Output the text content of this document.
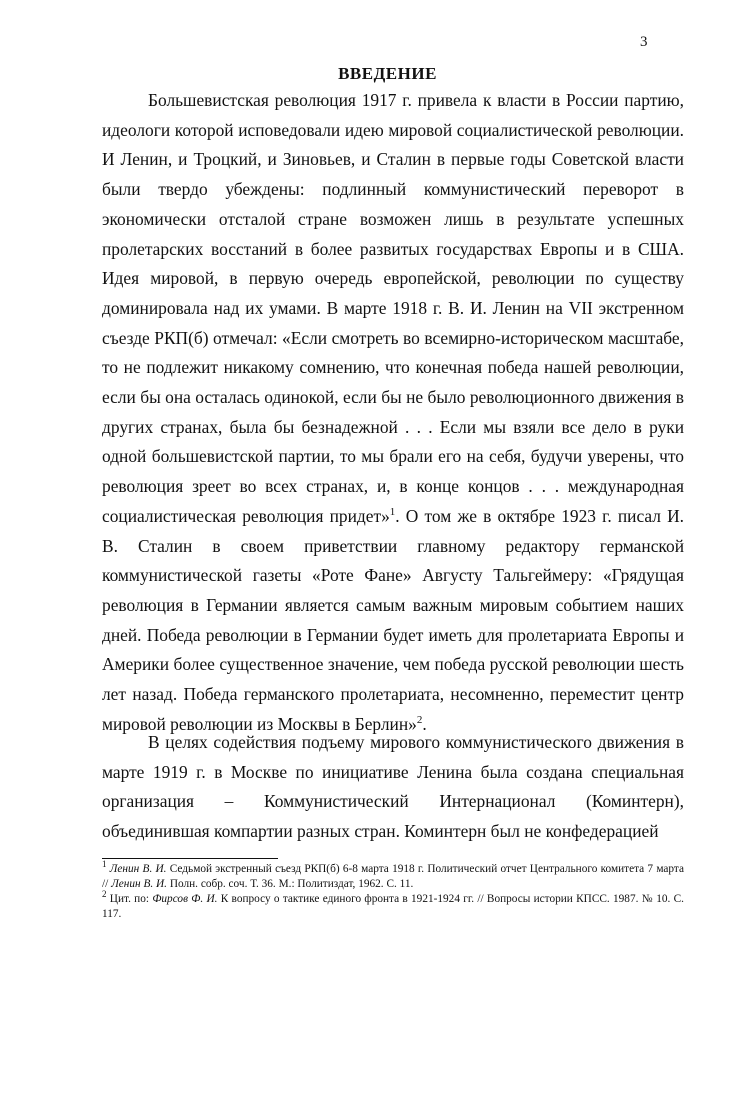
3

ВВЕДЕНИЕ

Большевистская революция 1917 г. привела к власти в России партию, идеологи которой исповедовали идею мировой социалистической революции. И Ленин, и Троцкий, и Зиновьев, и Сталин в первые годы Советской власти были твердо убеждены: подлинный коммунистический переворот в экономически отсталой стране возможен лишь в результате успешных пролетарских восстаний в более развитых государствах Европы и в США. Идея мировой, в первую очередь европейской, революции по существу доминировала над их умами. В марте 1918 г. В. И. Ленин на VII экстренном съезде РКП(б) отмечал: «Если смотреть во всемирно-историческом масштабе, то не подлежит никакому сомнению, что конечная победа нашей революции, если бы она осталась одинокой, если бы не было революционного движения в других странах, была бы безнадежной . . . Если мы взяли все дело в руки одной большевистской партии, то мы брали его на себя, будучи уверены, что революция зреет во всех странах, и, в конце концов . . . международная социалистическая революция придет»$^1$. О том же в октябре 1923 г. писал И. В. Сталин в своем приветствии главному редактору германской коммунистической газеты «Роте Фане» Августу Тальгеймеру: «Грядущая революция в Германии является самым важным мировым событием наших дней. Победа революции в Германии будет иметь для пролетариата Европы и Америки более существенное значение, чем победа русской революции шесть лет назад. Победа германского пролетариата, несомненно, переместит центр мировой революции из Москвы в Берлин»$^2$.

В целях содействия подъему мирового коммунистического движения в марте 1919 г. в Москве по инициативе Ленина была создана специальная организация – Коммунистический Интернационал (Коминтерн), объединившая компартии разных стран. Коминтерн был не конфедерацией

$^1$ Ленин В. И. Седьмой экстренный съезд РКП(б) 6-8 марта 1918 г. Политический отчет Центрального комитета 7 марта // Ленин В. И. Полн. собр. соч. Т. 36. М.: Политиздат, 1962. С. 11.

$^2$ Цит. по: Фирсов Ф. И. К вопросу о тактике единого фронта в 1921-1924 гг. // Вопросы истории КПСС. 1987. № 10. С. 117.
